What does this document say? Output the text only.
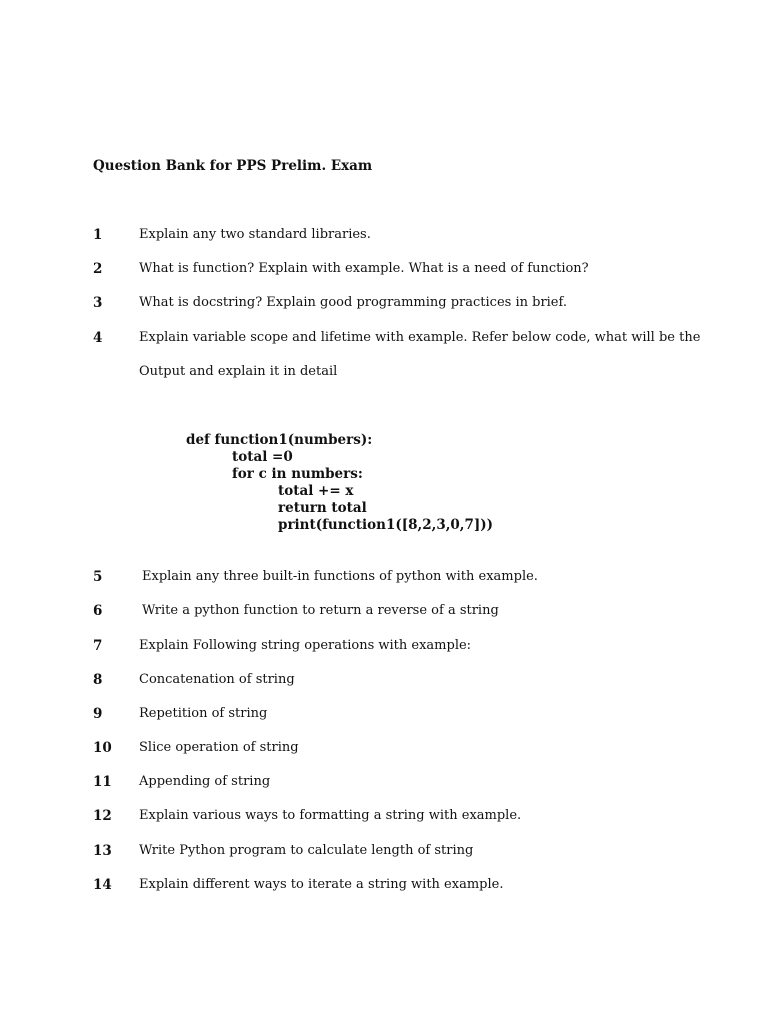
Question Bank for PPS Prelim. Exam
1	Explain any two standard libraries.
2	What is function? Explain with example. What is a need of function?
3	What is docstring? Explain good programming practices in brief.
4	Explain variable scope and lifetime with example. Refer below code, what will be the
Output and explain it in detail
def function1(numbers):
total =0
for c in numbers:
total += x
return total
print(function1([8,2,3,0,7]))
5	Explain any three built-in functions of python with example.
6	Write a python function to return a reverse of a string
7	Explain Following string operations with example:
8	Concatenation of string
9	Repetition of string
10 Slice operation of string
11 Appending of string
12 Explain various ways to formatting a string with example.
13 Write Python program to calculate length of string
14 Explain different ways to iterate a string with example.
